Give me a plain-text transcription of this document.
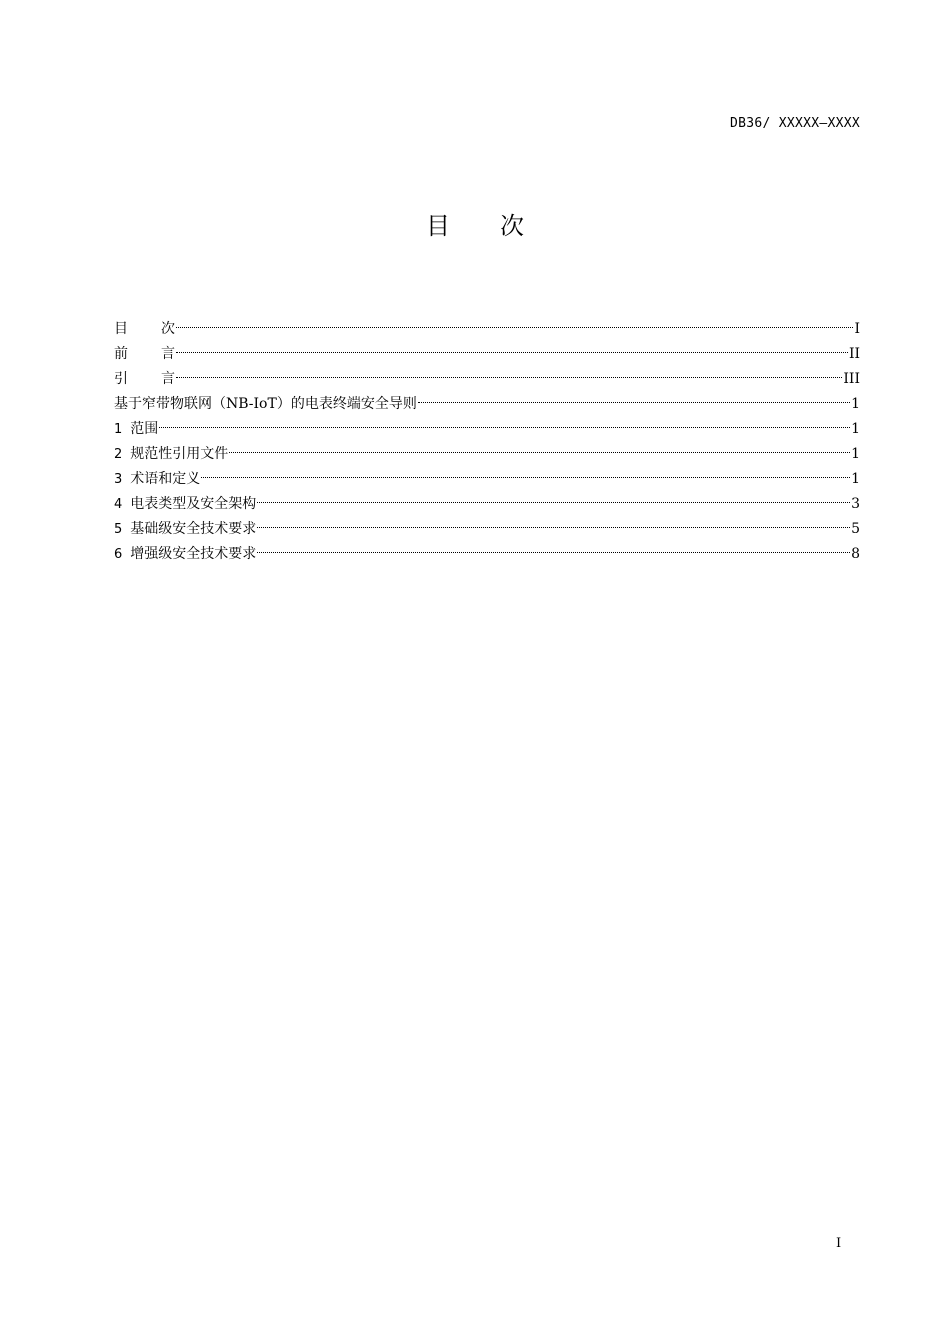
DB36/ XXXXX—XXXX
目 次
目 次	I
前 言	II
引 言	III
基于窄带物联网（NB-IoT）的电表终端安全导则	1
1 范围	1
2 规范性引用文件	1
3 术语和定义	1
4 电表类型及安全架构	3
5 基础级安全技术要求	5
6 增强级安全技术要求	8
I
